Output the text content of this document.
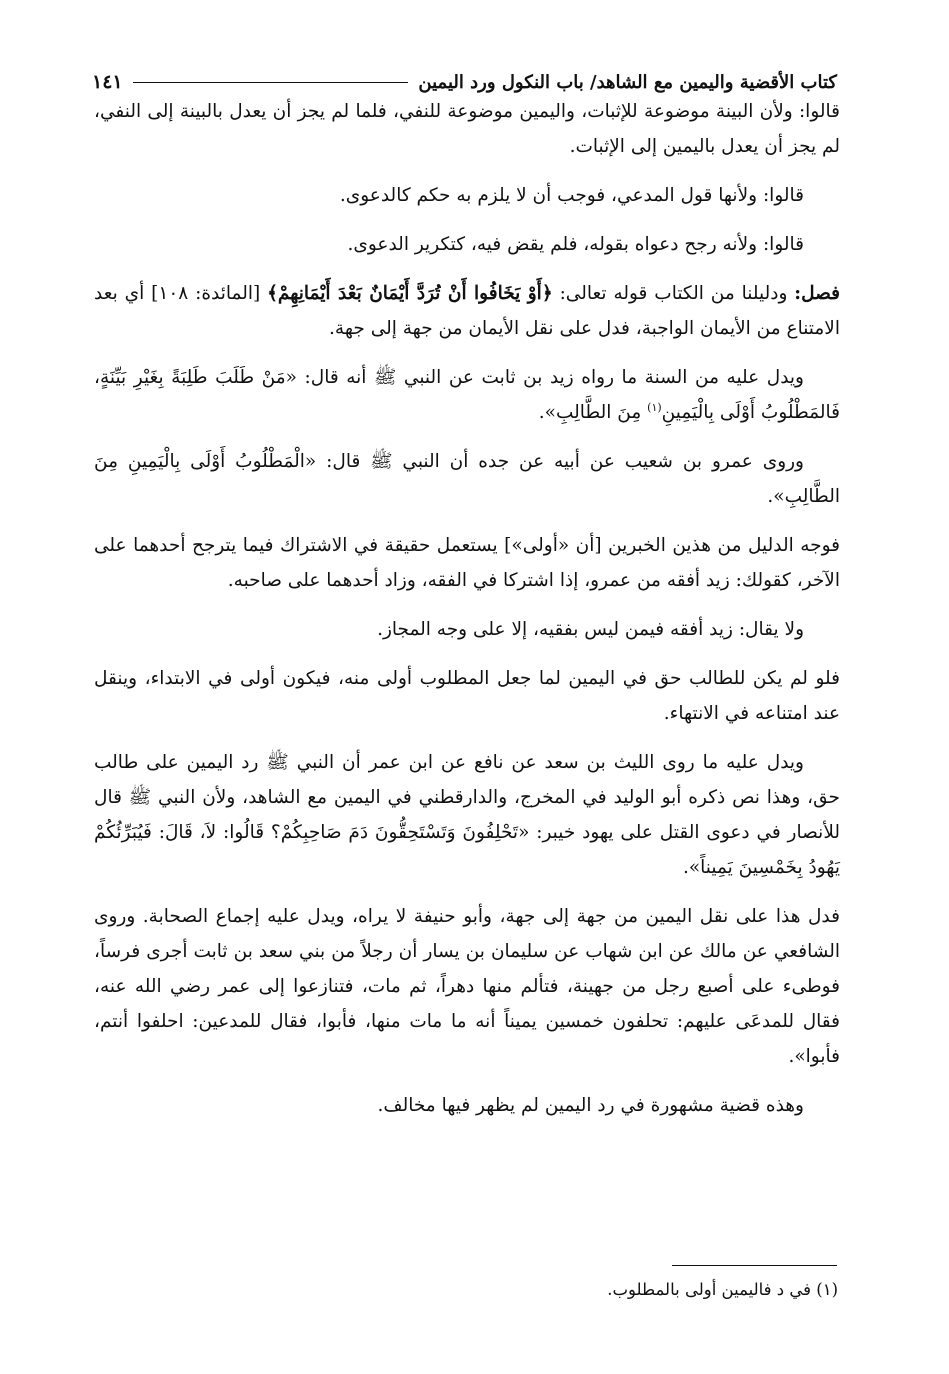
كتاب الأقضية واليمين مع الشاهد/ باب النكول ورد اليمين
١٤١

قالوا: ولأن البينة موضوعة للإثبات، واليمين موضوعة للنفي، فلما لم يجز أن يعدل بالبينة إلى النفي، لم يجز أن يعدل باليمين إلى الإثبات.

قالوا: ولأنها قول المدعي، فوجب أن لا يلزم به حكم كالدعوى.

قالوا: ولأنه رجح دعواه بقوله، فلم يقض فيه، كتكرير الدعوى.

فصل: ودليلنا من الكتاب قوله تعالى: ﴿أَوْ يَخَافُوا أَنْ تُرَدَّ أَيْمَانٌ بَعْدَ أَيْمَانِهِمْ﴾ [المائدة: ١٠٨] أي بعد الامتناع من الأيمان الواجبة، فدل على نقل الأيمان من جهة إلى جهة.

ويدل عليه من السنة ما رواه زيد بن ثابت عن النبي ﷺ أنه قال: «مَنْ طَلَبَ طَلِبَةً بِغَيْرِ بَيِّنَةٍ، فَالمَطْلُوبُ أَوْلَى بِالْيَمِينِ$^{(١)}$ مِنَ الطَّالِبِ».

وروى عمرو بن شعيب عن أبيه عن جده أن النبي ﷺ قال: «الْمَطْلُوبُ أَوْلَى بِالْيَمِينِ مِنَ الطَّالِبِ».

فوجه الدليل من هذين الخبرين [أن «أولى»] يستعمل حقيقة في الاشتراك فيما يترجح أحدهما على الآخر، كقولك: زيد أفقه من عمرو، إذا اشتركا في الفقه، وزاد أحدهما على صاحبه.

ولا يقال: زيد أفقه فيمن ليس بفقيه، إلا على وجه المجاز.

فلو لم يكن للطالب حق في اليمين لما جعل المطلوب أولى منه، فيكون أولى في الابتداء، وينقل عند امتناعه في الانتهاء.

ويدل عليه ما روى الليث بن سعد عن نافع عن ابن عمر أن النبي ﷺ رد اليمين على طالب حق، وهذا نص ذكره أبو الوليد في المخرج، والدارقطني في اليمين مع الشاهد، ولأن النبي ﷺ قال للأنصار في دعوى القتل على يهود خيبر: «تَحْلِفُونَ وَتَسْتَحِقُّونَ دَمَ صَاحِبِكُمْ؟ قَالُوا: لاَ، قَالَ: فَيُبَرِّئُكُمْ يَهُودُ بِخَمْسِينَ يَمِيناً».

فدل هذا على نقل اليمين من جهة إلى جهة، وأبو حنيفة لا يراه، ويدل عليه إجماع الصحابة. وروى الشافعي عن مالك عن ابن شهاب عن سليمان بن يسار أن رجلاً من بني سعد بن ثابت أجرى فرساً، فوطىء على أصبع رجل من جهينة، فتألم منها دهراً، ثم مات، فتنازعوا إلى عمر رضي الله عنه، فقال للمدعَى عليهم: تحلفون خمسين يميناً أنه ما مات منها، فأبوا، فقال للمدعين: احلفوا أنتم، فأبوا».

وهذه قضية مشهورة في رد اليمين لم يظهر فيها مخالف.

(١) في د فاليمين أولى بالمطلوب.
